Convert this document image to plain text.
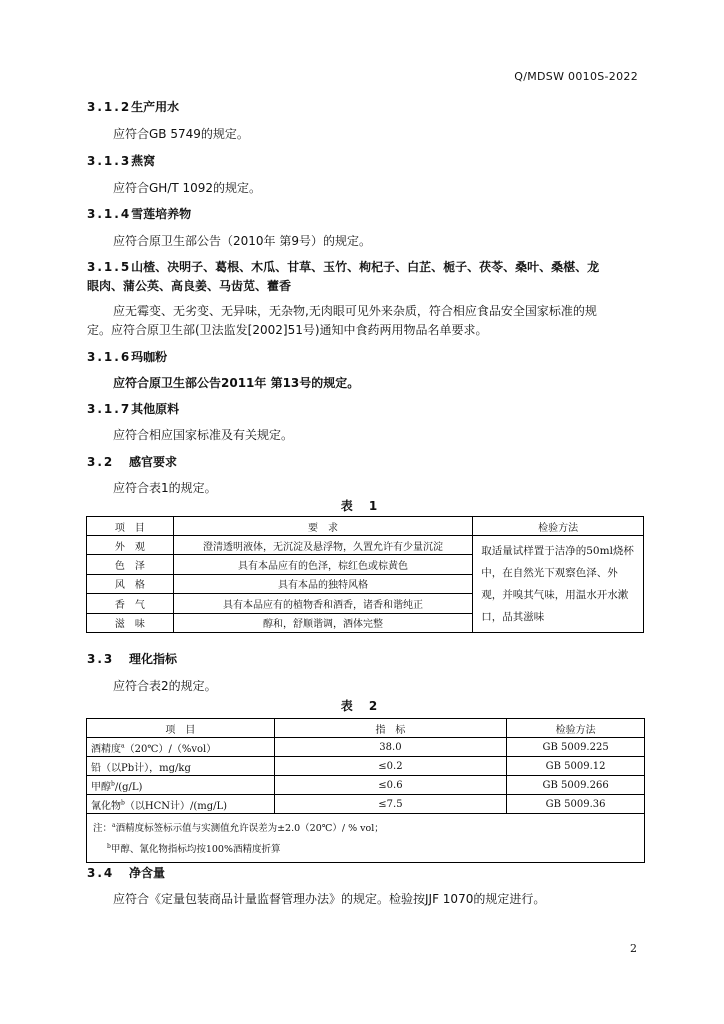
Q/MDSW 0010S-2022
3.1.2生产用水
应符合GB 5749的规定。
3.1.3燕窝
应符合GH/T 1092的规定。
3.1.4雪莲培养物
应符合原卫生部公告（2010年 第9号）的规定。
3.1.5山楂、决明子、葛根、木瓜、甘草、玉竹、枸杞子、白芷、栀子、茯苓、桑叶、桑椹、龙
眼肉、蒲公英、高良姜、马齿苋、藿香
应无霉变、无劣变、无异味，无杂物,无肉眼可见外来杂质，符合相应食品安全国家标准的规
定。应符合原卫生部(卫法监发[2002]51号)通知中食药两用物品名单要求。
3.1.6玛咖粉
应符合原卫生部公告2011年 第13号的规定。
3.1.7其他原料
应符合相应国家标准及有关规定。
3.2 感官要求
应符合表1的规定。
表 1
项　目	要　求	检验方法
外　观	澄清透明液体，无沉淀及悬浮物，久置允许有少量沉淀	取适量试样置于洁净的50ml烧杯中，在自然光下观察色泽、外观，并嗅其气味，用温水开水漱口，品其滋味
色　泽	具有本品应有的色泽，棕红色或棕黄色	
风　格	具有本品的独特风格	
香　气	具有本品应有的植物香和酒香，诸香和谐纯正	
滋　味	醇和，舒顺谐调，酒体完整	
3.3 理化指标
应符合表2的规定。
表 2
项　目	指　标	检验方法
酒精度$^a$（20℃）/（%vol）	38.0	GB 5009.225
铅（以Pb计），mg/kg	≤0.2	GB 5009.12
甲醇$^b$/(g/L)	≤0.6	GB 5009.266
氰化物$^b$（以HCN计）/(mg/L)	≤7.5	GB 5009.36

注：$^a$酒精度标签标示值与实测值允许误差为±2.0（20℃）/ % vol；
$^b$甲醇、氰化物指标均按100%酒精度折算		
3.4 净含量
应符合《定量包装商品计量监督管理办法》的规定。检验按JJF 1070的规定进行。
2
